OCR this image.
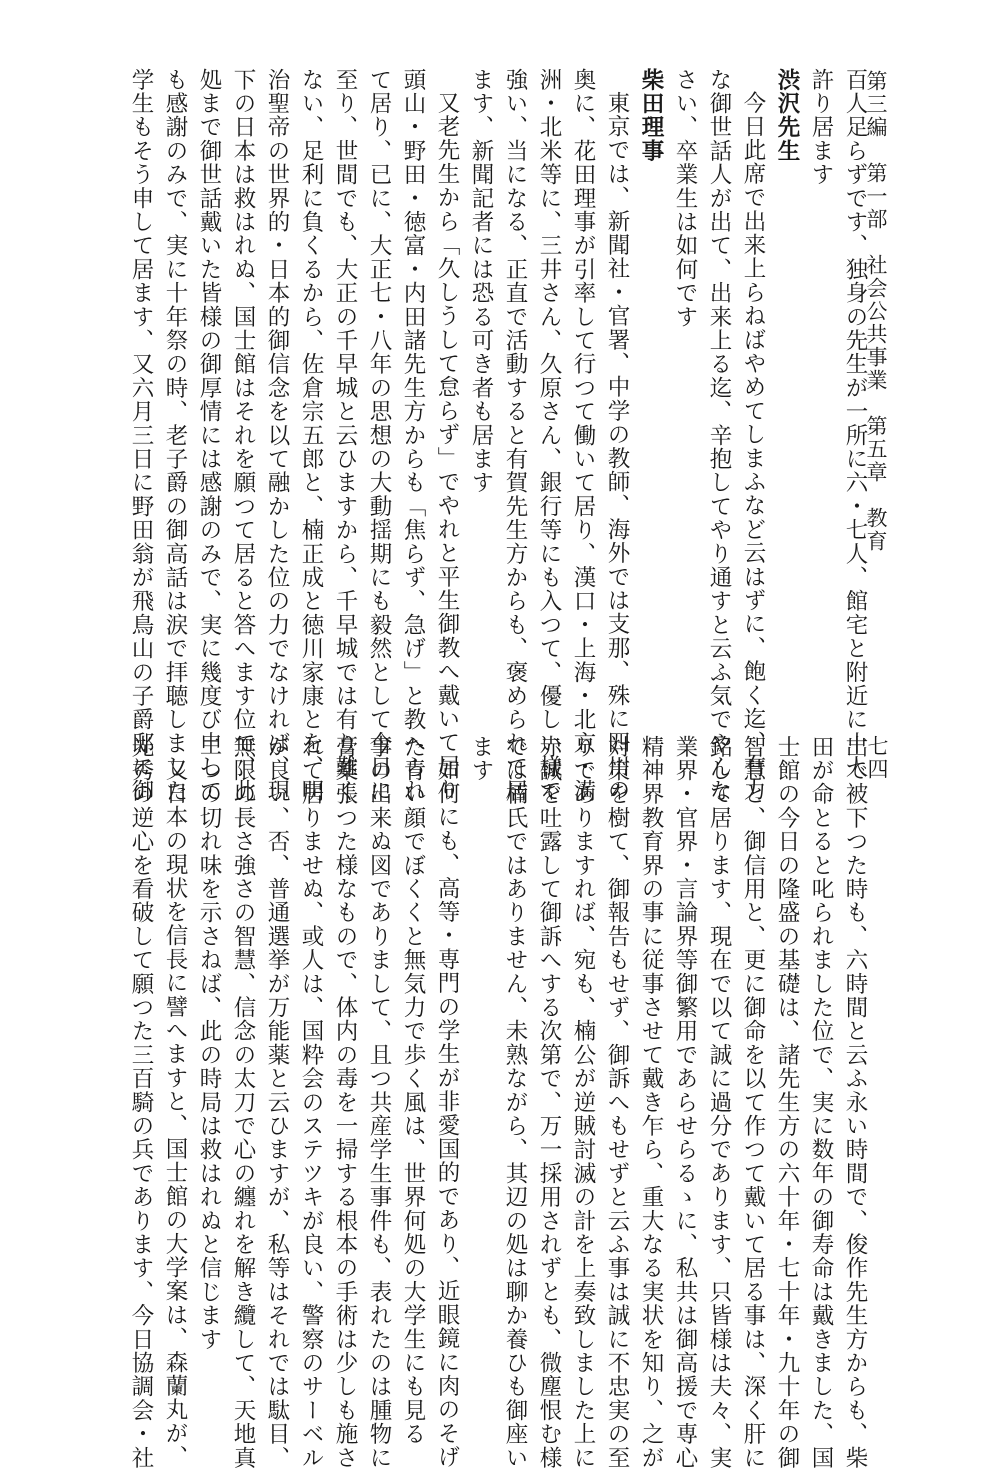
第三編　第一部　社会公共事業　第五章　教育
七四
百人足らずです、独身の先生が一所に六・七人、館宅と附近に十人
許り居ます
渋沢先生
今日此席で出来上らねばやめてしまふなど云はずに、飽く迄、有力
な御世話人が出て、出来上る迄、辛抱してやり通すと云ふ気でやんな
さい、卒業生は如何です
柴田理事
東京では、新聞社・官署、中学の教師、海外では支那、殊に四川の
奥に、花田理事が引率して行つて働いて居り、漢口・上海・北京・満
洲・北米等に、三井さん、久原さん、銀行等にも入つて、優しい様で
強い、当になる、正直で活動すると有賀先生方からも、褒められて居
ます、新聞記者には恐る可き者も居ます
又老先生から「久しうして怠らず」でやれと平生御教へ戴いて居り
頭山・野田・徳富・内田諸先生方からも「焦らず、急げ」と教へられ
て居り、已に、大正七・八年の思想の大動揺期にも毅然として今日に
至り、世間でも、大正の千早城と云ひますから、千早城では有り難く
ない、足利に負くるから、佐倉宗五郎と、楠正成と徳川家康とを、明
治聖帝の世界的・日本的御信念を以て融かした位の力でなければ、現
下の日本は救はれぬ、国士館はそれを願つて居ると答へます位で、此
処まで御世話戴いた皆様の御厚情には感謝のみで、実に幾度び申して
も感謝のみで、実に十年祭の時、老子爵の御高話は涙で拝聴しました
学生もそう申して居ます、又六月三日に野田翁が飛鳥山の子爵邸に御
出で被下つた時も、六時間と云ふ永い時間で、俊作先生方からも、柴
田が命とると叱られました位で、実に数年の御寿命は戴きました、国
士館の今日の隆盛の基礎は、諸先生方の六十年・七十年・九十年の御
智慧と、御信用と、更に御命を以て作つて戴いて居る事は、深く肝に
銘して居ります、現在で以て誠に過分であります、只皆様は夫々、実
業界・官界・言論界等御繁用であらせらるゝに、私共は御高援で専心
精神界教育界の事に従事させて戴き乍ら、重大なる実状を知り、之が
対策を樹て、御報告もせず、御訴へもせずと云ふ事は誠に不忠実の至
りでありますれば、宛も、楠公が逆賊討滅の計を上奏致しました上に
赤誠を吐露して御訴へする次第で、万一採用されずとも、微塵恨む様
では楠氏ではありません、未熟ながら、其辺の処は聊か養ひも御座い
ます
如何にも、高等・専門の学生が非愛国的であり、近眼鏡に肉のそげ
た青い顔でぼくくと無気力で歩く風は、世界何処の大学生にも見る
事の出来ぬ図でありまして、且つ共産学生事件も、表れたのは腫物に
膏薬張つた様なもので、体内の毒を一掃する根本の手術は少しも施さ
れて居りませぬ、或人は、国粋会のステツキが良い、警察のサーベル
が良い、否、普通選挙が万能薬と云ひますが、私等はそれでは駄目、
無限の長さ強さの智慧、信念の太刀で心の纏れを解き纜して、天地真
二つの切れ味を示さねば、此の時局は救はれぬと信じます
又日本の現状を信長に譬へますと、国士館の大学案は、森蘭丸が、
光秀の逆心を看破して願つた三百騎の兵であります、今日協調会・社
